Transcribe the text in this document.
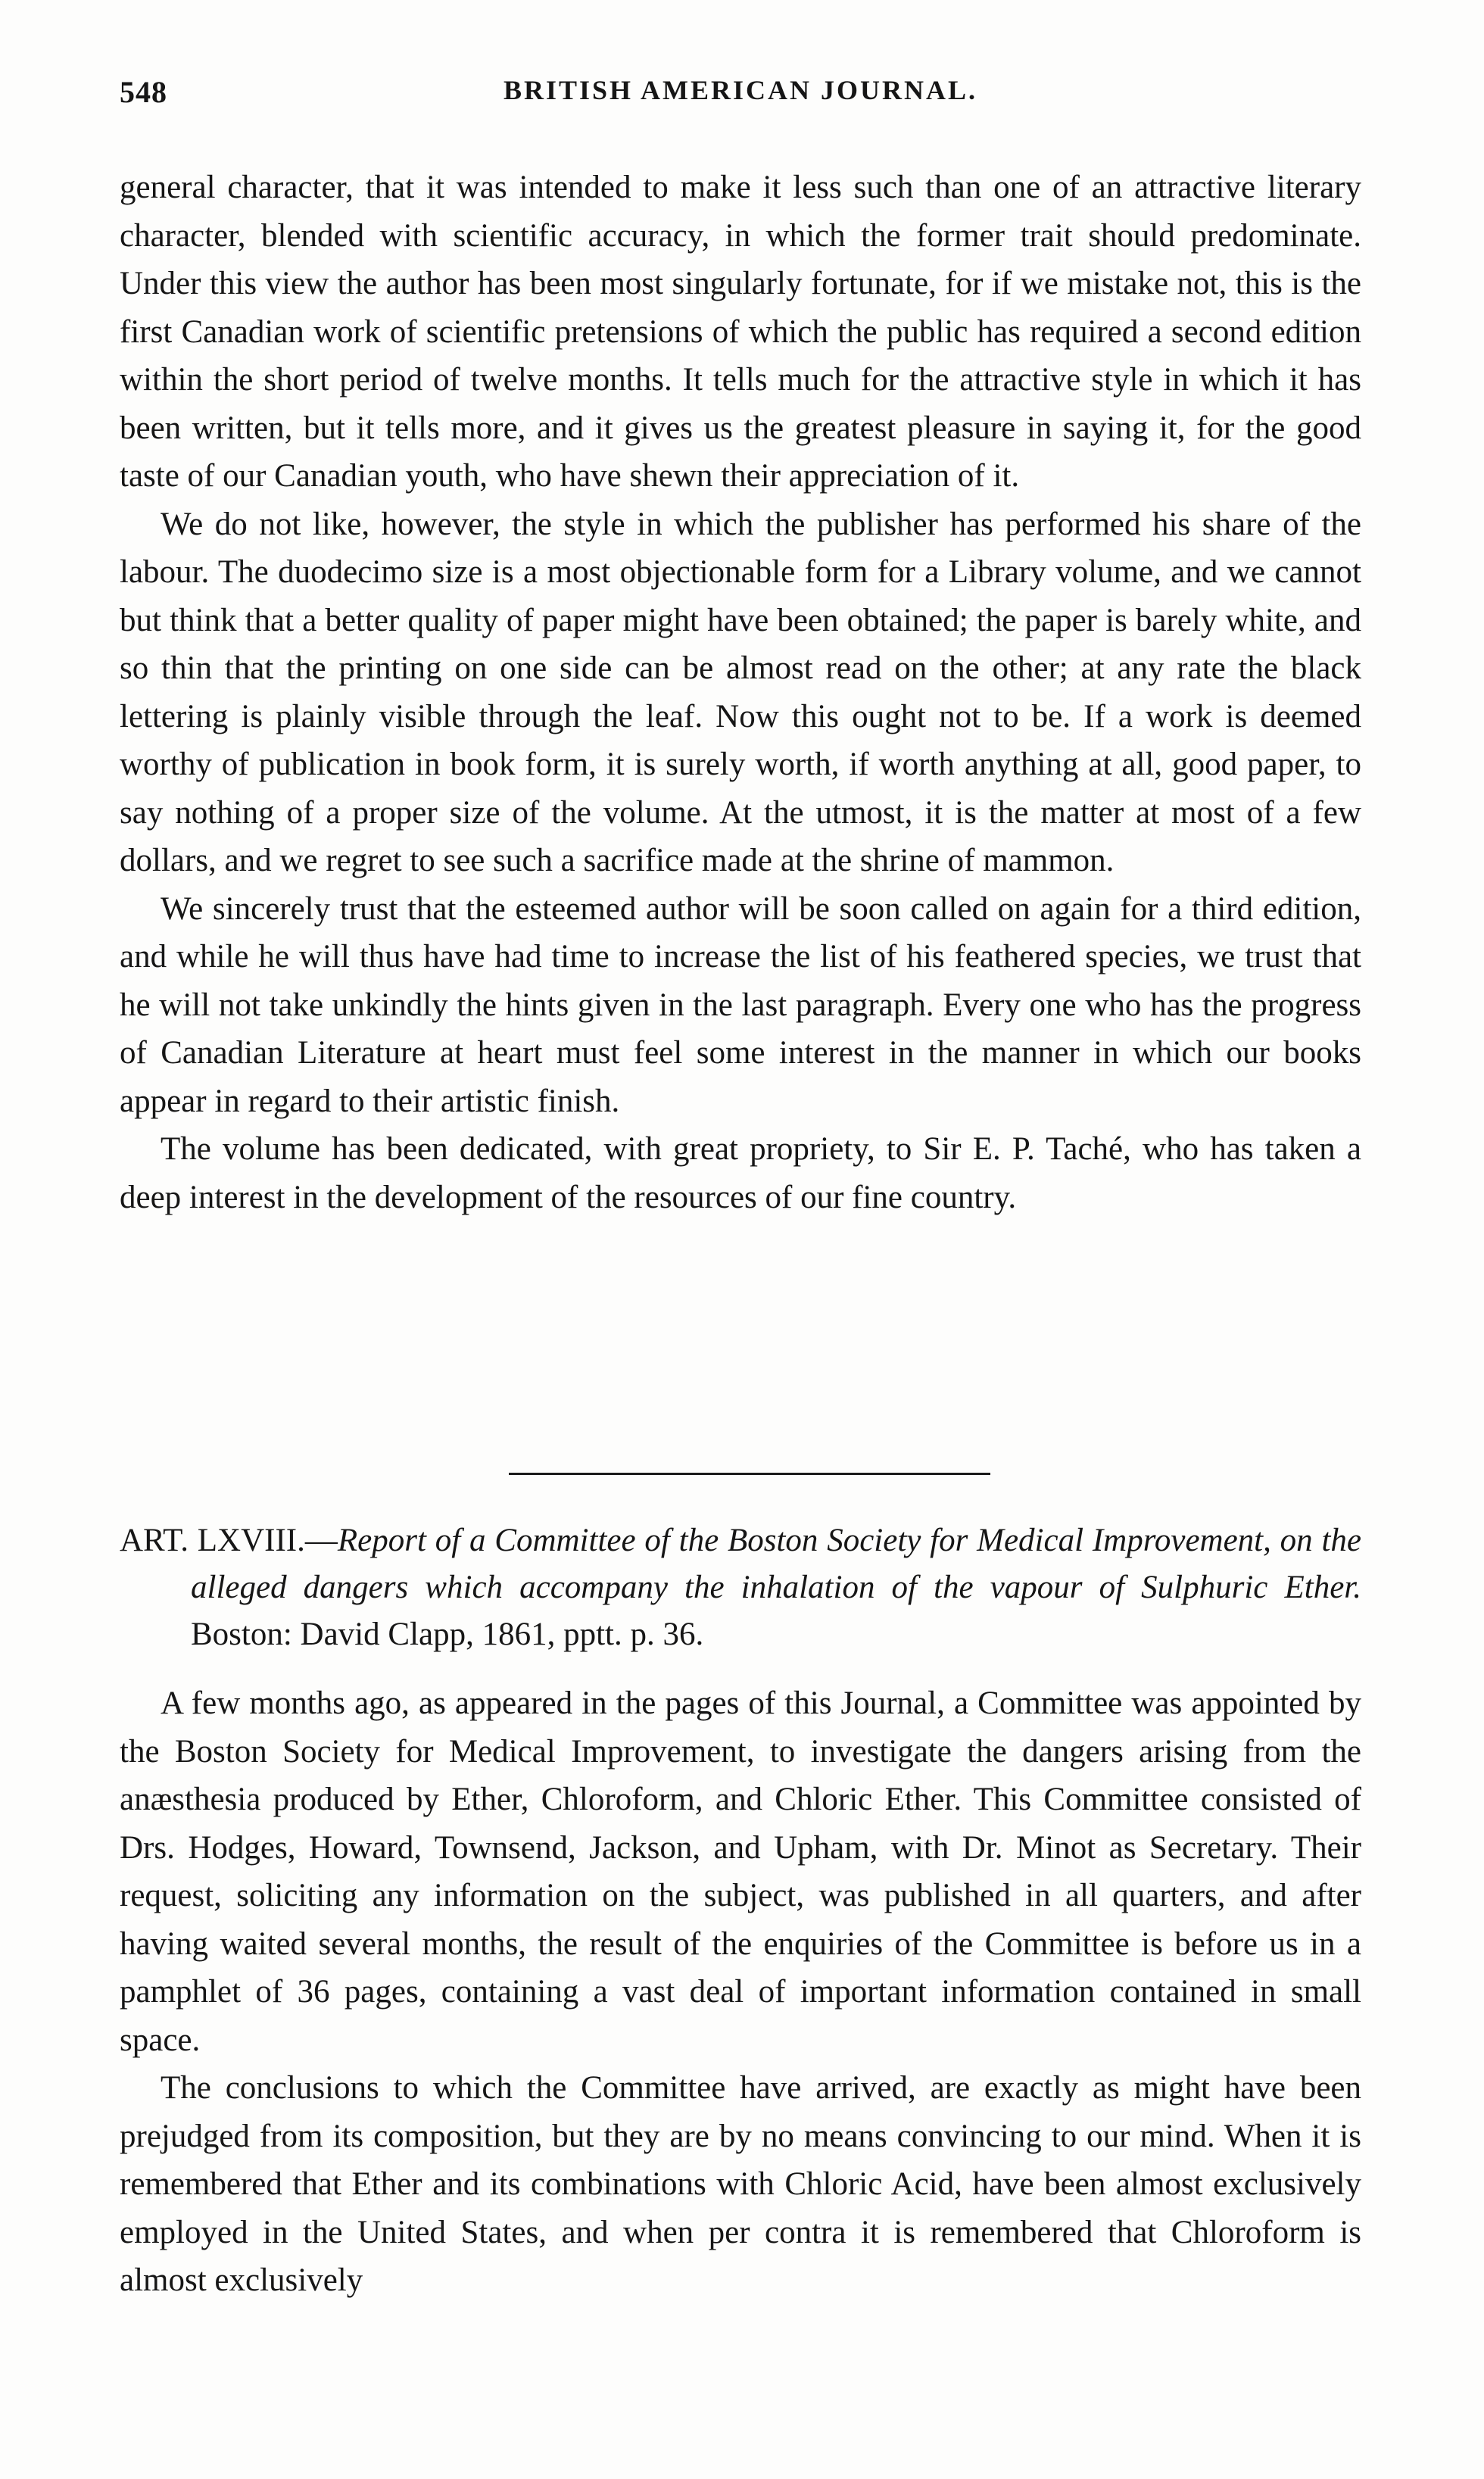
548	BRITISH AMERICAN JOURNAL.

general character, that it was intended to make it less such than one of an attractive literary character, blended with scientific accuracy, in which the former trait should predominate. Under this view the author has been most singularly fortunate, for if we mistake not, this is the first Canadian work of scientific pretensions of which the public has required a second edition within the short period of twelve months. It tells much for the attractive style in which it has been written, but it tells more, and it gives us the greatest pleasure in saying it, for the good taste of our Canadian youth, who have shewn their appreciation of it.

We do not like, however, the style in which the publisher has performed his share of the labour. The duodecimo size is a most objectionable form for a Library volume, and we cannot but think that a better quality of paper might have been obtained; the paper is barely white, and so thin that the printing on one side can be almost read on the other; at any rate the black lettering is plainly visible through the leaf. Now this ought not to be. If a work is deemed worthy of publication in book form, it is surely worth, if worth anything at all, good paper, to say nothing of a proper size of the volume. At the utmost, it is the matter at most of a few dollars, and we regret to see such a sacrifice made at the shrine of mammon.

We sincerely trust that the esteemed author will be soon called on again for a third edition, and while he will thus have had time to increase the list of his feathered species, we trust that he will not take unkindly the hints given in the last paragraph. Every one who has the progress of Canadian Literature at heart must feel some interest in the manner in which our books appear in regard to their artistic finish.

The volume has been dedicated, with great propriety, to Sir E. P. Taché, who has taken a deep interest in the development of the resources of our fine country.

ART. LXVIII.—Report of a Committee of the Boston Society for Medical Improvement, on the alleged dangers which accompany the inhalation of the vapour of Sulphuric Ether. Boston: David Clapp, 1861, pptt. p. 36.

A few months ago, as appeared in the pages of this Journal, a Committee was appointed by the Boston Society for Medical Improvement, to investigate the dangers arising from the anæsthesia produced by Ether, Chloroform, and Chloric Ether. This Committee consisted of Drs. Hodges, Howard, Townsend, Jackson, and Upham, with Dr. Minot as Secretary. Their request, soliciting any information on the subject, was published in all quarters, and after having waited several months, the result of the enquiries of the Committee is before us in a pamphlet of 36 pages, containing a vast deal of important information contained in small space.

The conclusions to which the Committee have arrived, are exactly as might have been prejudged from its composition, but they are by no means convincing to our mind. When it is remembered that Ether and its combinations with Chloric Acid, have been almost exclusively employed in the United States, and when per contra it is remembered that Chloroform is almost exclusively
